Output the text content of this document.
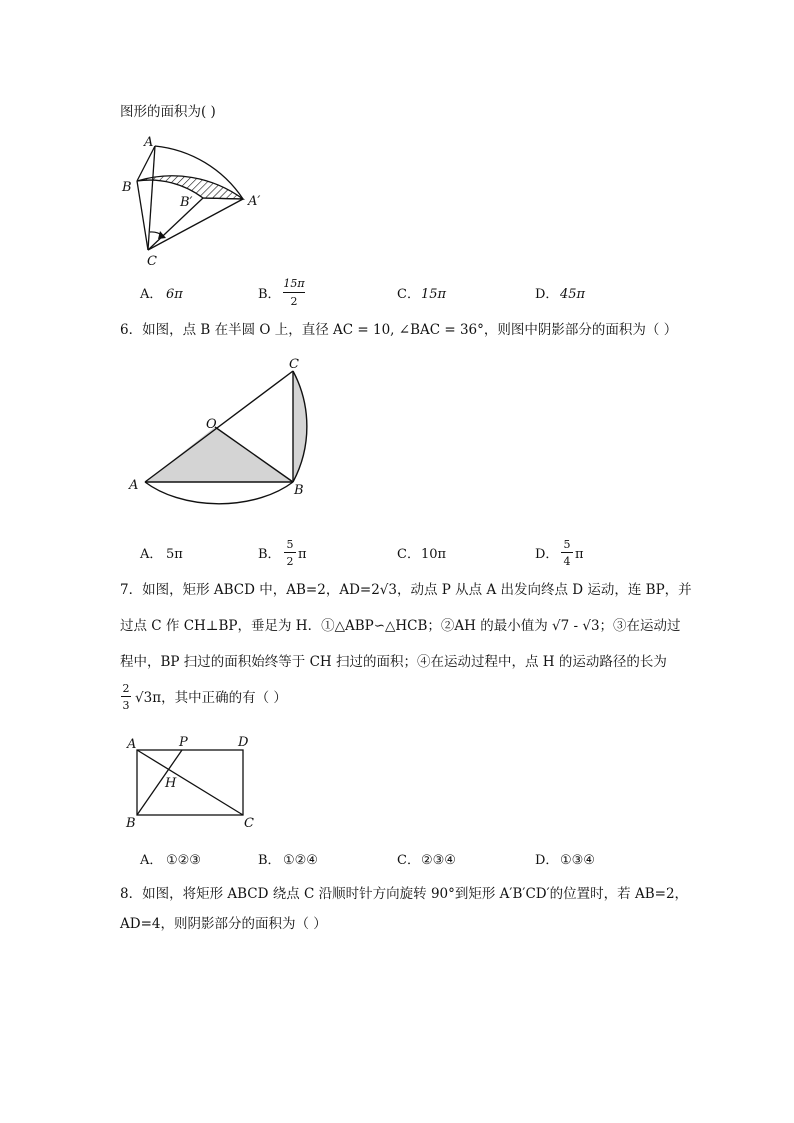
图形的面积为( )
A
B
B′	A′
C
A． 6π	B．
15π
2	C． 15π	D． 45π
6．如图，点 B 在半圆 O 上，直径 AC = 10, ∠BAC = 36°，则图中阴影部分的面积为（ ）
C
O
A	B
A． 5π	B．
5
2 π	C． 10π	D．
5
4 π
7．如图，矩形 ABCD 中，AB=2，AD=2√3，动点 P 从点 A 出发向终点 D 运动，连 BP，并
过点 C 作 CH⊥BP，垂足为 H．①△ABP∽△HCB；②AH 的最小值为 √7 - √3；③在运动过
程中，BP 扫过的面积始终等于 CH 扫过的面积；④在运动过程中，点 H 的运动路径的长为
2
3 √3π，其中正确的有（ ）
A	P	D
H
B	C
A． ①②③	B． ①②④	C． ②③④	D． ①③④
8．如图，将矩形 ABCD 绕点 C 沿顺时针方向旋转 90°到矩形 A′B′CD′的位置时，若 AB=2，
AD=4，则阴影部分的面积为（ ）
